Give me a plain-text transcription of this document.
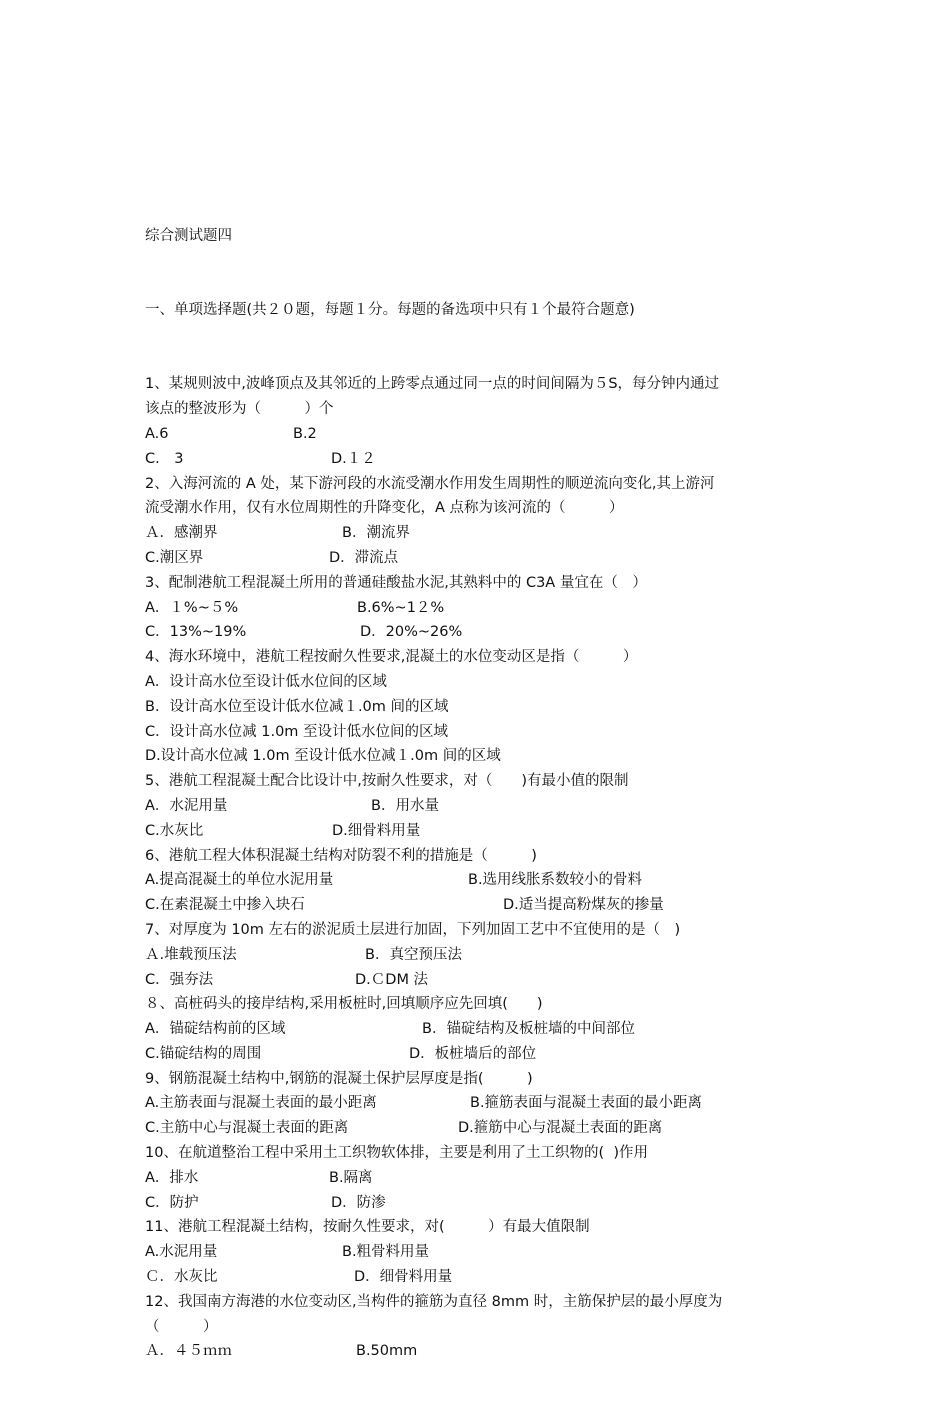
综合测试题四

一、单项选择题(共２０题，每题１分。每题的备选项中只有１个最符合题意)

1、某规则波中,波峰顶点及其邻近的上跨零点通过同一点的时间间隔为５S，每分钟内通过
该点的整波形为（　　　）个
A.6	B.2
C.　3	D.１２
2、入海河流的 A 处，某下游河段的水流受潮水作用发生周期性的顺逆流向变化,其上游河
流受潮水作用，仅有水位周期性的升降变化，A 点称为该河流的（　　　）
Ａ．感潮界	B．潮流界
C.潮区界	D．滞流点
3、配制港航工程混凝土所用的普通硅酸盐水泥,其熟料中的 C3A 量宜在（　）
A．１%~５%	B.6%~1２%
C．13%~19%	D．20%~26%
4、海水环境中，港航工程按耐久性要求,混凝土的水位变动区是指（　　　）
A．设计高水位至设计低水位间的区域
B．设计高水位至设计低水位减１.0m 间的区域
C．设计高水位减 1.0m 至设计低水位间的区域
D.设计高水位减 1.0m 至设计低水位减１.0m 间的区域
5、港航工程混凝土配合比设计中,按耐久性要求，对（　　)有最小值的限制
A．水泥用量	B．用水量
C.水灰比	D.细骨料用量
6、港航工程大体积混凝土结构对防裂不利的措施是（　　　)
A.提高混凝土的单位水泥用量	B.选用线胀系数较小的骨料
C.在素混凝土中掺入块石	D.适当提高粉煤灰的掺量
7、对厚度为 10m 左右的淤泥质土层进行加固，下列加固工艺中不宜使用的是（　)
Ａ.堆载预压法	B．真空预压法
C．强夯法	D.ＣDM 法
８、高桩码头的接岸结构,采用板桩时,回填顺序应先回填(　　)
A．锚碇结构前的区域	B．锚碇结构及板桩墙的中间部位
C.锚碇结构的周围	D．板桩墙后的部位
9、钢筋混凝土结构中,钢筋的混凝土保护层厚度是指(　　　)
A.主筋表面与混凝土表面的最小距离	B.箍筋表面与混凝土表面的最小距离
C.主筋中心与混凝土表面的距离	D.箍筋中心与混凝土表面的距离
10、在航道整治工程中采用土工织物软体排，主要是利用了土工织物的(  )作用
A．排水	B.隔离
C．防护	D．防渗
11、港航工程混凝土结构，按耐久性要求，对(　　　）有最大值限制
A.水泥用量	B.粗骨料用量
Ｃ．水灰比	D．细骨料用量
12、我国南方海港的水位变动区,当构件的箍筋为直径 8mm 时，主筋保护层的最小厚度为
（　　　）
Ａ．４５ｍｍ	B.50mm
